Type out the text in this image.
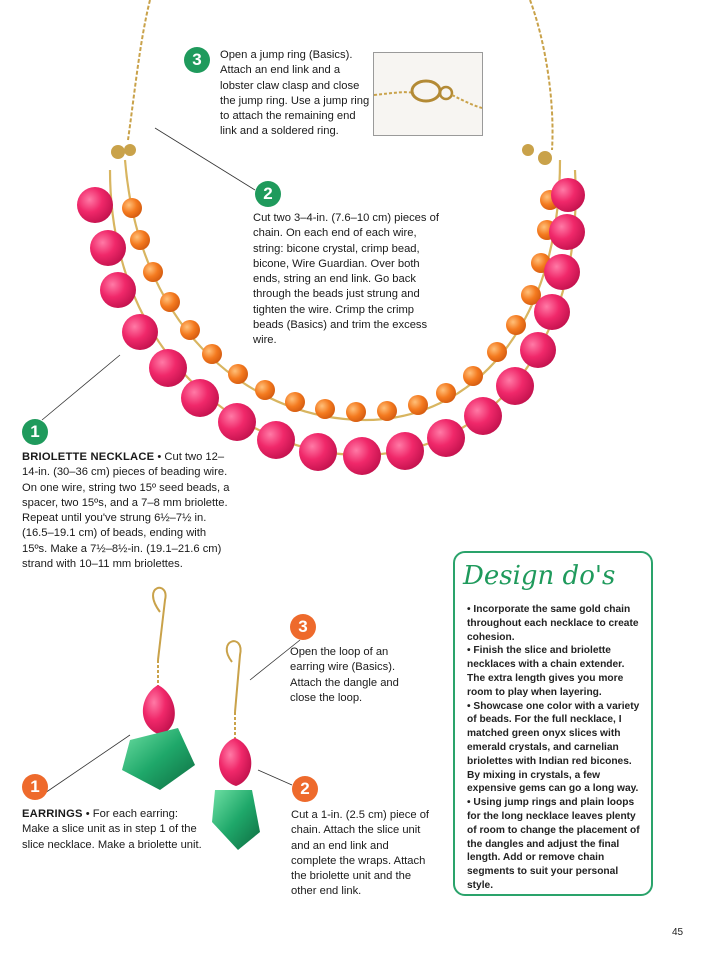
3	Open a jump ring (Basics). Attach an end link and a lobster claw clasp and close the jump ring. Use a jump ring to attach the remaining end link and a soldered ring.
2
Cut two 3–4-in. (7.6–10 cm) pieces of chain. On each end of each wire, string: bicone crystal, crimp bead, bicone, Wire Guardian. Over both ends, string an end link. Go back through the beads just strung and tighten the wire. Crimp the crimp beads (Basics) and trim the excess wire.
1
BRIOLETTE NECKLACE • Cut two 12–14-in. (30–36 cm) pieces of beading wire. On one wire, string two 15º seed beads, a spacer, two 15ºs, and a 7–8 mm briolette. Repeat until you've strung 6½–7½ in. (16.5–19.1 cm) of beads, ending with 15ºs. Make a 7½–8½-in. (19.1–21.6 cm) strand with 10–11 mm briolettes.
1
EARRINGS • For each earring: Make a slice unit as in step 1 of the slice necklace. Make a briolette unit.
3
Open the loop of an earring wire (Basics). Attach the dangle and close the loop.
2
Cut a 1-in. (2.5 cm) piece of chain. Attach the slice unit and an end link and complete the wraps. Attach the briolette unit and the other end link.
Design do's

• Incorporate the same gold chain throughout each necklace to create cohesion.

• Finish the slice and briolette necklaces with a chain extender. The extra length gives you more room to play when layering.

• Showcase one color with a variety of beads. For the full necklace, I matched green onyx slices with emerald crystals, and carnelian briolettes with Indian red bicones. By mixing in crystals, a few expensive gems can go a long way.

• Using jump rings and plain loops for the long necklace leaves plenty of room to change the placement of the dangles and adjust the final length. Add or remove chain segments to suit your personal style.

45
